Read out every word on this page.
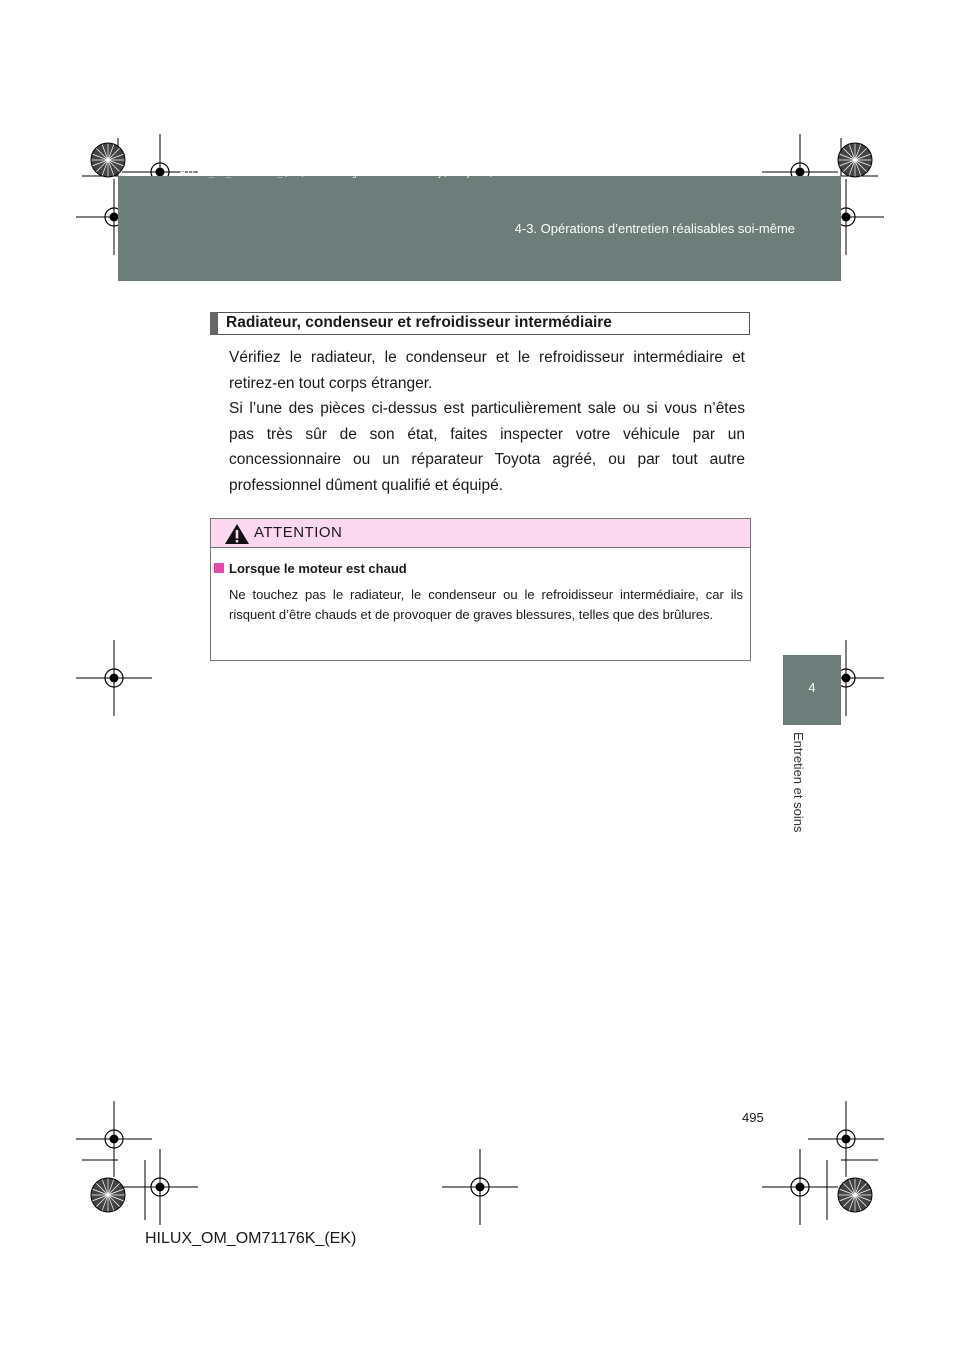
HILUX_OM_OM71176K_(EK).book Page 495 Wednesday, May 16, 2012 2:32 PM
4-3. Opérations d’entretien réalisables soi-même
4
Entretien et soins
Radiateur, condenseur et refroidisseur intermédiaire

Vérifiez le radiateur, le condenseur et le refroidisseur intermédiaire et retirez-en tout corps étranger.

Si l’une des pièces ci-dessus est particulièrement sale ou si vous n’êtes pas très sûr de son état, faites inspecter votre véhicule par un concessionnaire ou un réparateur Toyota agréé, ou par tout autre professionnel dûment qualifié et équipé.

ATTENTION
Lorsque le moteur est chaud

Ne touchez pas le radiateur, le condenseur ou le refroidisseur intermédiaire, car ils risquent d’être chauds et de provoquer de graves blessures, telles que des brûlures.

495
HILUX_OM_OM71176K_(EK)
